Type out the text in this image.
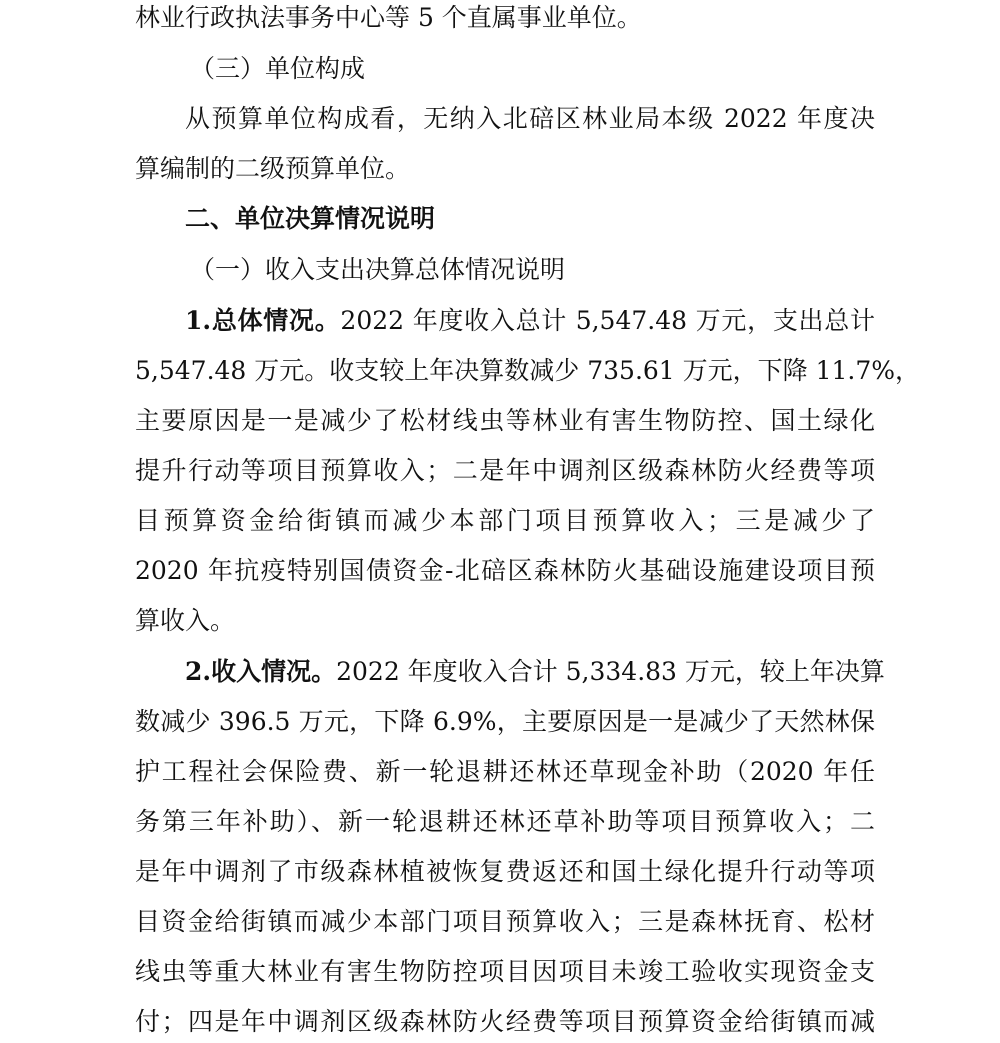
林业行政执法事务中心等 5 个直属事业单位。
（三）单位构成
从预算单位构成看，无纳入北碚区林业局本级 2022 年度决
算编制的二级预算单位。
二、单位决算情况说明
（一）收入支出决算总体情况说明
1.总体情况。2022 年度收入总计 5,547.48 万元，支出总计
5,547.48 万元。收支较上年决算数减少 735.61 万元，下降 11.7%，
主要原因是一是减少了松材线虫等林业有害生物防控、国土绿化
提升行动等项目预算收入；二是年中调剂区级森林防火经费等项
目预算资金给街镇而减少本部门项目预算收入；三是减少了
2020 年抗疫特别国债资金-北碚区森林防火基础设施建设项目预
算收入。
2.收入情况。2022 年度收入合计 5,334.83 万元，较上年决算
数减少 396.5 万元，下降 6.9%，主要原因是一是减少了天然林保
护工程社会保险费、新一轮退耕还林还草现金补助（2020 年任
务第三年补助）、新一轮退耕还林还草补助等项目预算收入；二
是年中调剂了市级森林植被恢复费返还和国土绿化提升行动等项
目资金给街镇而减少本部门项目预算收入；三是森林抚育、松材
线虫等重大林业有害生物防控项目因项目未竣工验收实现资金支
付；四是年中调剂区级森林防火经费等项目预算资金给街镇而减
